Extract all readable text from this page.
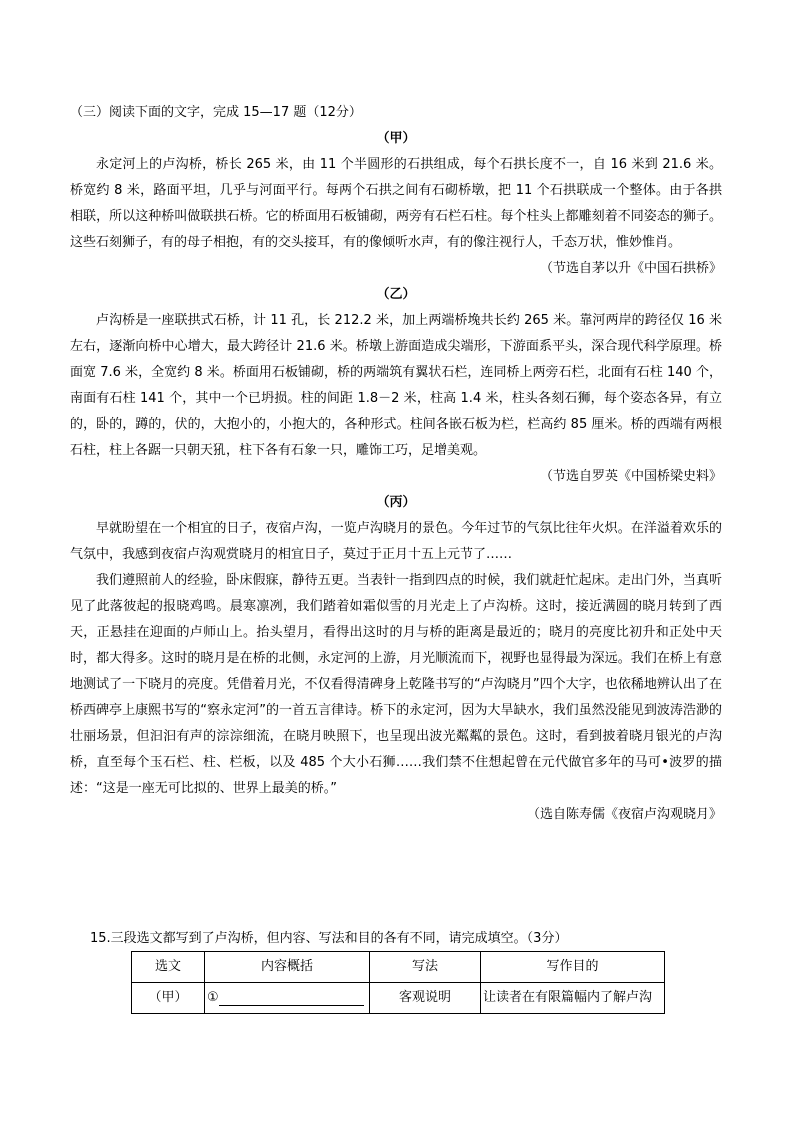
（三）阅读下面的文字，完成 15—17 题（12分）
（甲）

永定河上的卢沟桥，桥长 265 米，由 11 个半圆形的石拱组成，每个石拱长度不一，自 16 米到 21.6 米。桥宽约 8 米，路面平坦，几乎与河面平行。每两个石拱之间有石砌桥墩，把 11 个石拱联成一个整体。由于各拱相联，所以这种桥叫做联拱石桥。它的桥面用石板铺砌，两旁有石栏石柱。每个柱头上都雕刻着不同姿态的狮子。这些石刻狮子，有的母子相抱，有的交头接耳，有的像倾听水声，有的像注视行人，千态万状，惟妙惟肖。

（节选自茅以升《中国石拱桥》
（乙）

卢沟桥是一座联拱式石桥，计 11 孔，长 212.2 米，加上两端桥堍共长约 265 米。靠河两岸的跨径仅 16 米左右，逐渐向桥中心增大，最大跨径计 21.6 米。桥墩上游面造成尖端形，下游面系平头，深合现代科学原理。桥面宽 7.6 米，全宽约 8 米。桥面用石板铺砌，桥的两端筑有翼状石栏，连同桥上两旁石栏，北面有石柱 140 个，南面有石柱 141 个，其中一个已坍损。柱的间距 1.8－2 米，柱高 1.4 米，柱头各刻石狮，每个姿态各异，有立的，卧的，蹲的，伏的，大抱小的，小抱大的，各种形式。柱间各嵌石板为栏，栏高约 85 厘米。桥的西端有两根石柱，柱上各踞一只朝天犼，柱下各有石象一只，雕饰工巧，足增美观。

（节选自罗英《中国桥梁史料》
（丙）

早就盼望在一个相宜的日子，夜宿卢沟，一览卢沟晓月的景色。今年过节的气氛比往年火炽。在洋溢着欢乐的气氛中，我感到夜宿卢沟观赏晓月的相宜日子，莫过于正月十五上元节了……

我们遵照前人的经验，卧床假寐，静待五更。当表针一指到四点的时候，我们就赶忙起床。走出门外，当真听见了此落彼起的报晓鸡鸣。晨寒凛冽，我们踏着如霜似雪的月光走上了卢沟桥。这时，接近满圆的晓月转到了西天，正悬挂在迎面的卢师山上。抬头望月，看得出这时的月与桥的距离是最近的；晓月的亮度比初升和正处中天时，都大得多。这时的晓月是在桥的北侧，永定河的上游，月光顺流而下，视野也显得最为深远。我们在桥上有意地测试了一下晓月的亮度。凭借着月光，不仅看得清碑身上乾隆书写的“卢沟晓月”四个大字，也依稀地辨认出了在桥西碑亭上康熙书写的“察永定河”的一首五言律诗。桥下的永定河，因为大旱缺水，我们虽然没能见到波涛浩渺的壮丽场景，但汩汩有声的淙淙细流，在晓月映照下，也呈现出波光粼粼的景色。这时，看到披着晓月银光的卢沟桥，直至每个玉石栏、柱、栏板，以及 485 个大小石狮……我们禁不住想起曾在元代做官多年的马可•波罗的描述：“这是一座无可比拟的、世界上最美的桥。”

（选自陈寿儒《夜宿卢沟观晓月》
15.三段选文都写到了卢沟桥，但内容、写法和目的各有不同，请完成填空。（3分）
选文	内容概括	写法	写作目的
（甲）	①	客观说明	让读者在有限篇幅内了解卢沟
